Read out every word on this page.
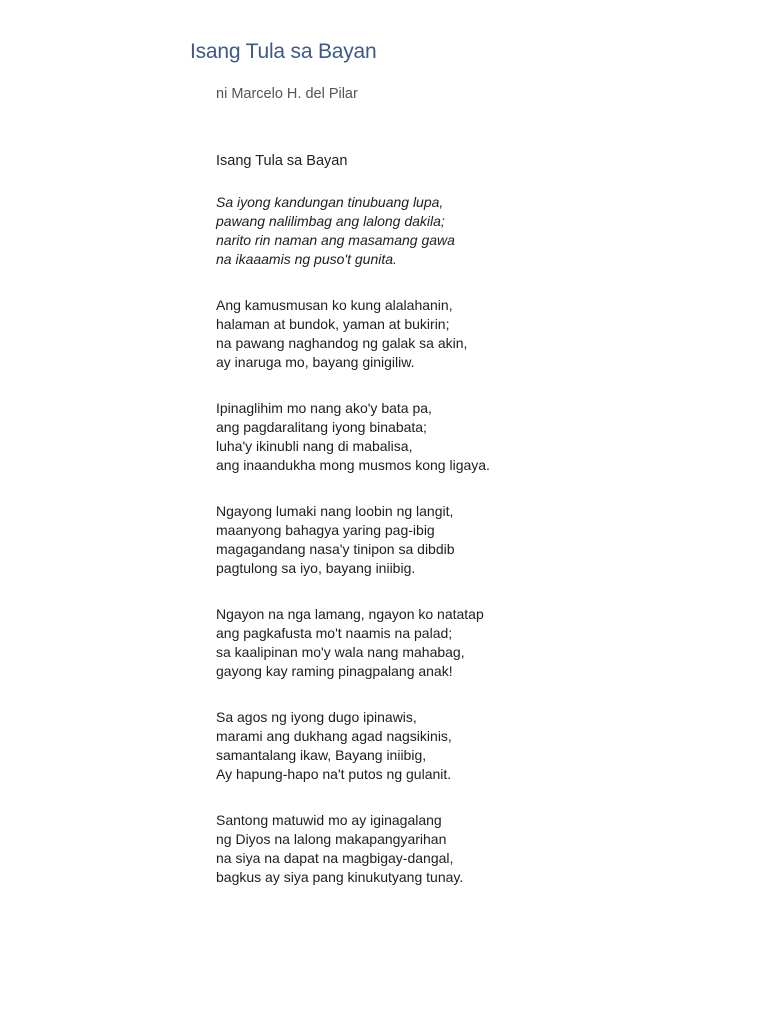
Isang Tula sa Bayan

ni Marcelo H. del Pilar

Isang Tula sa Bayan

Sa iyong kandungan tinubuang lupa,
pawang nalilimbag ang lalong dakila;
narito rin naman ang masamang gawa
na ikaaamis ng puso't gunita.

Ang kamusmusan ko kung alalahanin,
halaman at bundok, yaman at bukirin;
na pawang naghandog ng galak sa akin,
ay inaruga mo, bayang ginigiliw.

Ipinaglihim mo nang ako'y bata pa,
ang pagdaralitang iyong binabata;
luha'y ikinubli nang di mabalisa,
ang inaandukha mong musmos kong ligaya.

Ngayong lumaki nang loobin ng langit,
maanyong bahagya yaring pag-ibig
magagandang nasa'y tinipon sa dibdib
pagtulong sa iyo, bayang iniibig.

Ngayon na nga lamang, ngayon ko natatap
ang pagkafusta mo't naamis na palad;
sa kaalipinan mo'y wala nang mahabag,
gayong kay raming pinagpalang anak!

Sa agos ng iyong dugo ipinawis,
marami ang dukhang agad nagsikinis,
samantalang ikaw, Bayang iniibig,
Ay hapung-hapo na't putos ng gulanit.

Santong matuwid mo ay iginagalang
ng Diyos na lalong makapangyarihan
na siya na dapat na magbigay-dangal,
bagkus ay siya pang kinukutyang tunay.
